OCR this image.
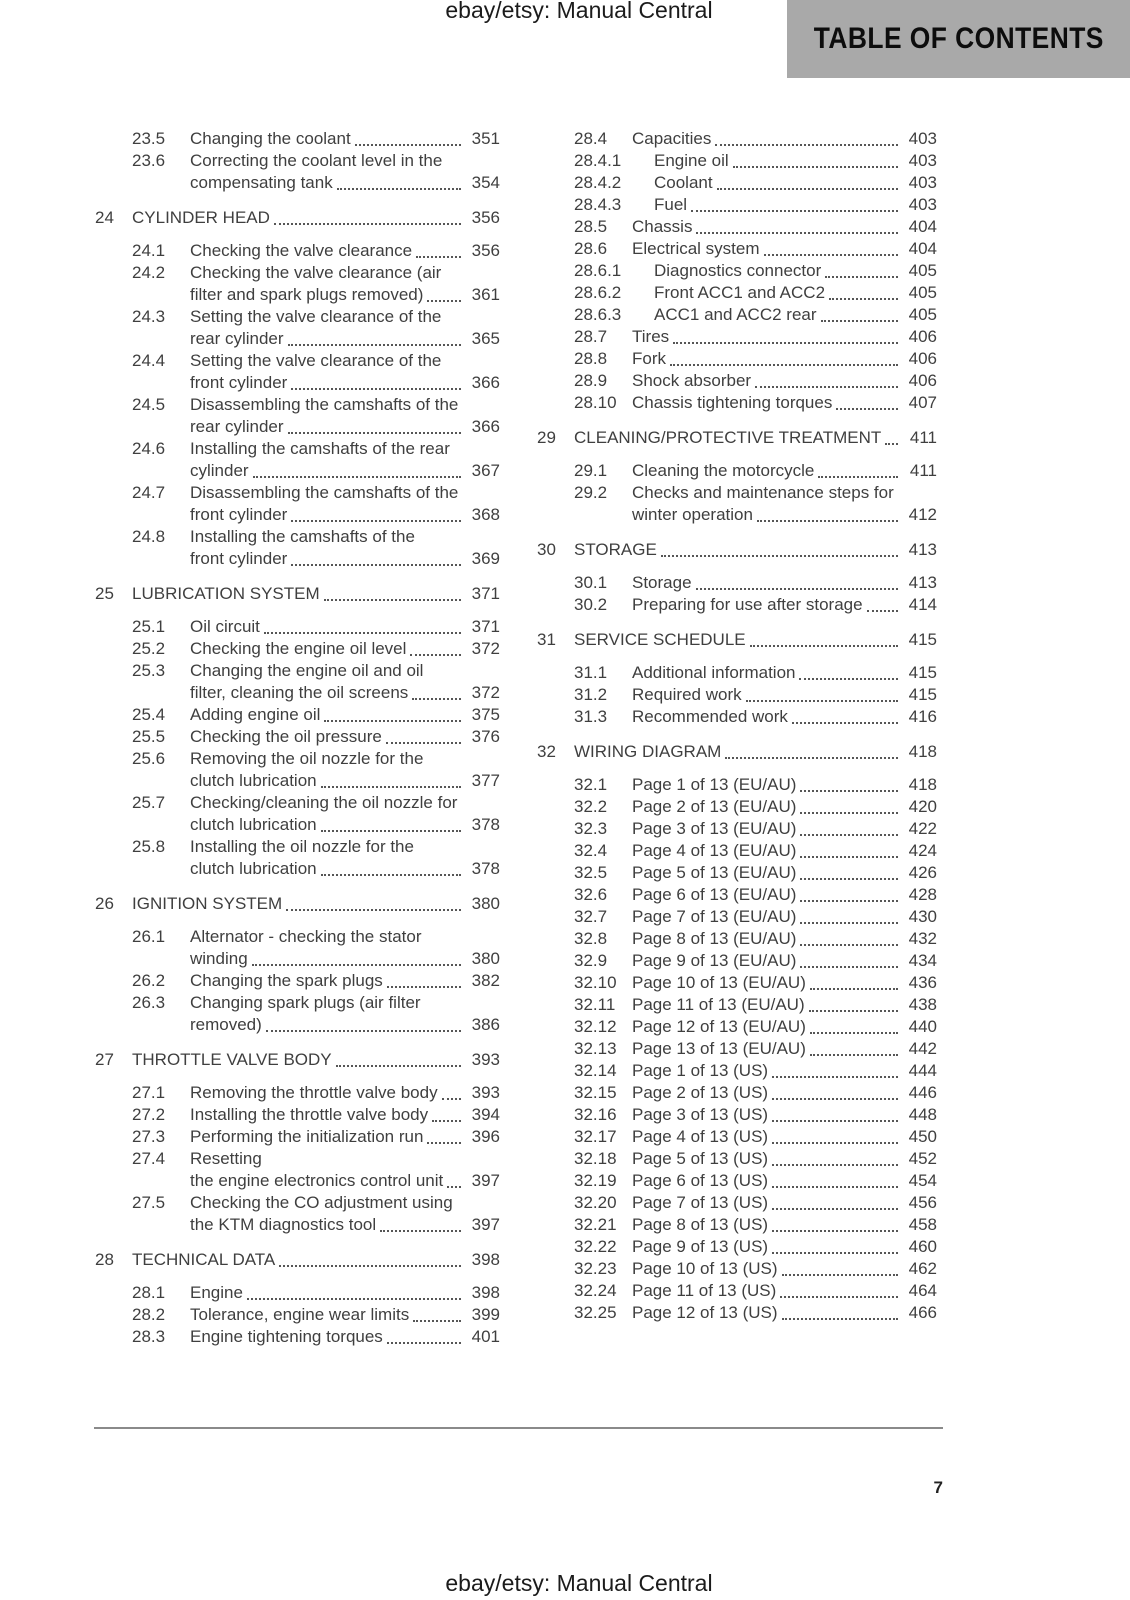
ebay/etsy: Manual Central
TABLE OF CONTENTS
23.5	Changing the coolant	351
23.6	Correcting the coolant level in the
compensating tank	354
24	CYLINDER HEAD	356
24.1	Checking the valve clearance	356
24.2	Checking the valve clearance (air
filter and spark plugs removed)	361
24.3	Setting the valve clearance of the
rear cylinder	365
24.4	Setting the valve clearance of the
front cylinder	366
24.5	Disassembling the camshafts of the
rear cylinder	366
24.6	Installing the camshafts of the rear
cylinder	367
24.7	Disassembling the camshafts of the
front cylinder	368
24.8	Installing the camshafts of the
front cylinder	369
25	LUBRICATION SYSTEM	371
25.1	Oil circuit	371
25.2	Checking the engine oil level	372
25.3	Changing the engine oil and oil
filter, cleaning the oil screens	372
25.4	Adding engine oil	375
25.5	Checking the oil pressure	376
25.6	Removing the oil nozzle for the
clutch lubrication	377
25.7	Checking/cleaning the oil nozzle for
clutch lubrication	378
25.8	Installing the oil nozzle for the
clutch lubrication	378
26	IGNITION SYSTEM	380
26.1	Alternator - checking the stator
winding	380
26.2	Changing the spark plugs	382
26.3	Changing spark plugs (air filter
removed)	386
27	THROTTLE VALVE BODY	393
27.1	Removing the throttle valve body	393
27.2	Installing the throttle valve body	394
27.3	Performing the initialization run	396
27.4	Resetting
the engine electronics control unit	397
27.5	Checking the CO adjustment using
the KTM diagnostics tool	397
28	TECHNICAL DATA	398
28.1	Engine	398
28.2	Tolerance, engine wear limits	399
28.3	Engine tightening torques	401
28.4	Capacities	403
28.4.1	Engine oil	403
28.4.2	Coolant	403
28.4.3	Fuel	403
28.5	Chassis	404
28.6	Electrical system	404
28.6.1	Diagnostics connector	405
28.6.2	Front ACC1 and ACC2	405
28.6.3	ACC1 and ACC2 rear	405
28.7	Tires	406
28.8	Fork	406
28.9	Shock absorber	406
28.10 Chassis tightening torques	407
29	CLEANING/PROTECTIVE TREATMENT	411
29.1	Cleaning the motorcycle	411
29.2	Checks and maintenance steps for
winter operation	412
30	STORAGE	413
30.1	Storage	413
30.2	Preparing for use after storage	414
31	SERVICE SCHEDULE	415
31.1	Additional information	415
31.2	Required work	415
31.3	Recommended work	416
32	WIRING DIAGRAM	418
32.1	Page 1 of 13 (EU/AU)	418
32.2	Page 2 of 13 (EU/AU)	420
32.3	Page 3 of 13 (EU/AU)	422
32.4	Page 4 of 13 (EU/AU)	424
32.5	Page 5 of 13 (EU/AU)	426
32.6	Page 6 of 13 (EU/AU)	428
32.7	Page 7 of 13 (EU/AU)	430
32.8	Page 8 of 13 (EU/AU)	432
32.9	Page 9 of 13 (EU/AU)	434
32.10 Page 10 of 13 (EU/AU)	436
32.11 Page 11 of 13 (EU/AU)	438
32.12 Page 12 of 13 (EU/AU)	440
32.13 Page 13 of 13 (EU/AU)	442
32.14 Page 1 of 13 (US)	444
32.15 Page 2 of 13 (US)	446
32.16 Page 3 of 13 (US)	448
32.17 Page 4 of 13 (US)	450
32.18 Page 5 of 13 (US)	452
32.19 Page 6 of 13 (US)	454
32.20 Page 7 of 13 (US)	456
32.21 Page 8 of 13 (US)	458
32.22 Page 9 of 13 (US)	460
32.23 Page 10 of 13 (US)	462
32.24 Page 11 of 13 (US)	464
32.25 Page 12 of 13 (US)	466
7
ebay/etsy: Manual Central
